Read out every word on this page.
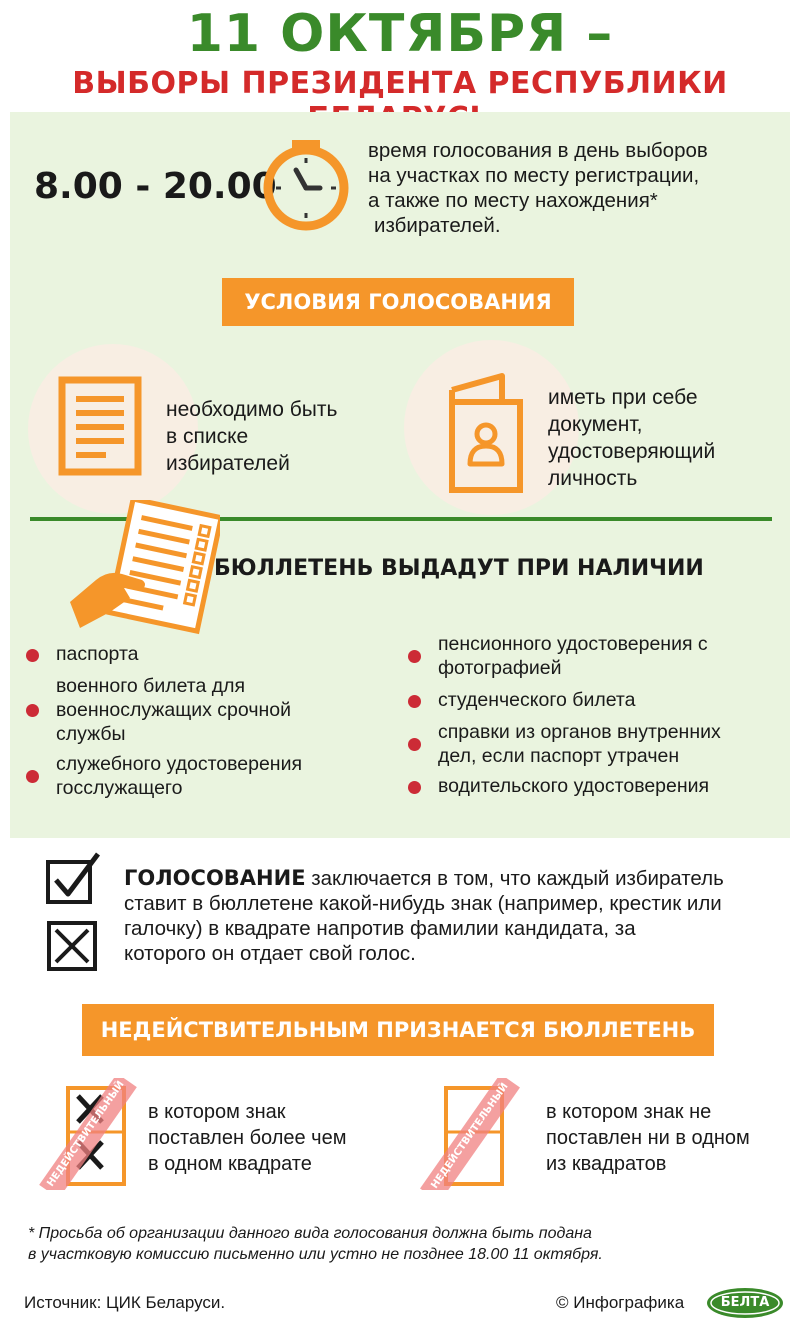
11 ОКТЯБРЯ –
ВЫБОРЫ ПРЕЗИДЕНТА РЕСПУБЛИКИ
8.00 - 20.00
время голосования в день выборов
на участках по месту регистрации,
а также по месту нахождения*
избирателей.
УСЛОВИЯ ГОЛОСОВАНИЯ
необходимо быть
в списке
избирателей
иметь при себе
документ,
удостоверяющий
личность
БЮЛЛЕТЕНЬ ВЫДАДУТ ПРИ НАЛИЧИИ
паспорта
военного билета для
военнослужащих срочной
службы
служебного удостоверения
госслужащего
пенсионного удостоверения с
фотографией
студенческого билета
справки из органов внутренних
дел, если паспорт утрачен
водительского удостоверения
ГОЛОСОВАНИЕ заключается в том, что каждый избиратель
ставит в бюллетене какой-нибудь знак (например, крестик или
галочку) в квадрате напротив фамилии кандидата, за
которого он отдает свой голос.
НЕДЕЙСТВИТЕЛЬНЫМ ПРИЗНАЕТСЯ БЮЛЛЕТЕНЬ
НЕДЕЙСТВИТЕЛЬНЫЙ в котором знак
поставлен более чем
в одном квадрате	НЕДЕЙСТВИТЕЛЬНЫЙ в котором знак не
поставлен ни в одном
из квадратов
* Просьба об организации данного вида голосования должна быть подана
в участковую комиссию письменно или устно не позднее 18.00 11 октября.
Источник: ЦИК Беларуси.	© Инфографика	БЕЛТА
